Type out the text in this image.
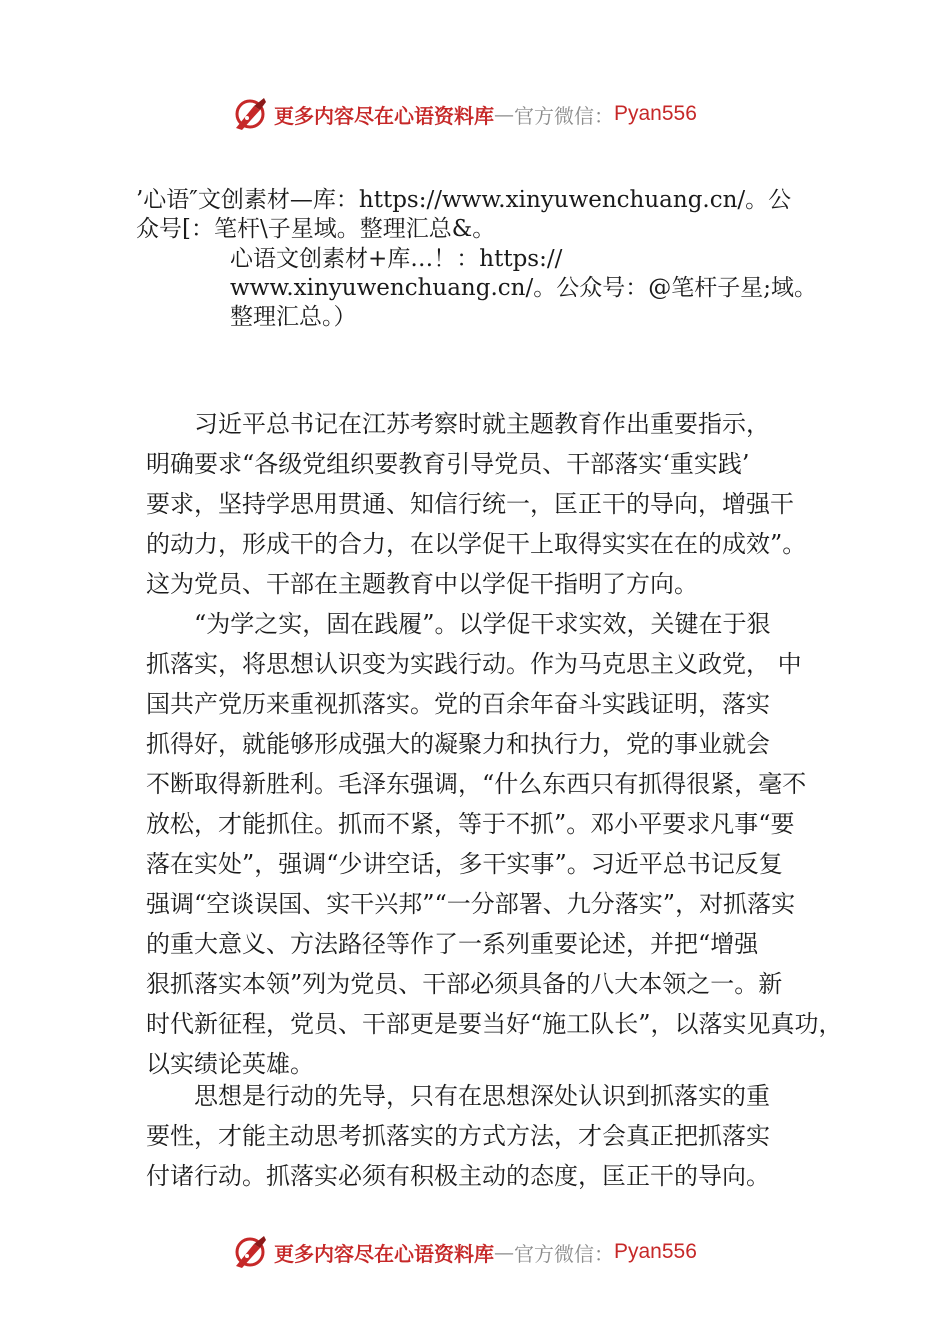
更多内容尽在心语资料库 — 官方微信： Pyan556
’心语″文创素材—库：https://www.xinyuwenchuang.cn/。公
众号[：笔杆\子星域。整理汇总&。
心语文创素材+库…！：https://
www.xinyuwenchuang.cn/。公众号：@笔杆子星;域。
整理汇总。）
习近平总书记在江苏考察时就主题教育作出重要指示，
明确要求“各级党组织要教育引导党员、干部落实‘重实践’
要求，坚持学思用贯通、知信行统一，匡正干的导向，增强干
的动力，形成干的合力，在以学促干上取得实实在在的成效”。
这为党员、干部在主题教育中以学促干指明了方向。
“为学之实，固在践履”。以学促干求实效，关键在于狠
抓落实，将思想认识变为实践行动。作为马克思主义政党， 中
国共产党历来重视抓落实。党的百余年奋斗实践证明，落实
抓得好，就能够形成强大的凝聚力和执行力，党的事业就会
不断取得新胜利。毛泽东强调，“什么东西只有抓得很紧，毫不
放松，才能抓住。抓而不紧，等于不抓”。邓小平要求凡事“要
落在实处”，强调“少讲空话，多干实事”。习近平总书记反复
强调“空谈误国、实干兴邦”“一分部署、九分落实”，对抓落实
的重大意义、方法路径等作了一系列重要论述，并把“增强
狠抓落实本领”列为党员、干部必须具备的八大本领之一。新
时代新征程，党员、干部更是要当好“施工队长”，以落实见真功，
以实绩论英雄。
思想是行动的先导，只有在思想深处认识到抓落实的重
要性，才能主动思考抓落实的方式方法，才会真正把抓落实
付诸行动。抓落实必须有积极主动的态度，匡正干的导向。
更多内容尽在心语资料库 — 官方微信： Pyan556
